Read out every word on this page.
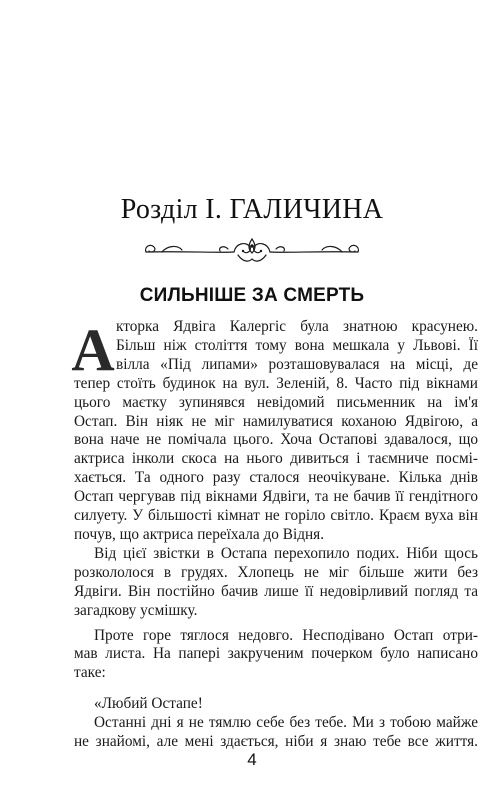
Розділ І. ГАЛИЧИНА
СИЛЬНІШЕ ЗА СМЕРТЬ
А кторка Ядвіга Калергіс була знатною красунею.
Більш ніж століття тому вона мешкала у Львові. Її
вілла «Під липами» розташовувалася на місці, де
тепер стоїть будинок на вул. Зеленій, 8. Часто під вікнами
цього маєтку зупинявся невідомий письменник на ім'я
Остап. Він ніяк не міг намилуватися коханою Ядвігою, а
вона наче не помічала цього. Хоча Остапові здавалося, що
актриса інколи скоса на нього дивиться і таємниче посмі-
хається. Та одного разу сталося неочікуване. Кілька днів
Остап чергував під вікнами Ядвіги, та не бачив її гендітного
силуету. У більшості кімнат не горіло світло. Краєм вуха він
почув, що актриса переїхала до Відня.
Від цієї звістки в Остапа перехопило подих. Ніби щось
розкололося в грудях. Хлопець не міг більше жити без
Ядвіги. Він постійно бачив лише її недовірливий погляд та
загадкову усмішку.
Проте горе тяглося недовго. Несподівано Остап отри-
мав листа. На папері закрученим почерком було написано
таке:
«Любий Остапе!
Останні дні я не тямлю себе без тебе. Ми з тобою майже
не знайомі, але мені здається, ніби я знаю тебе все життя.
4
